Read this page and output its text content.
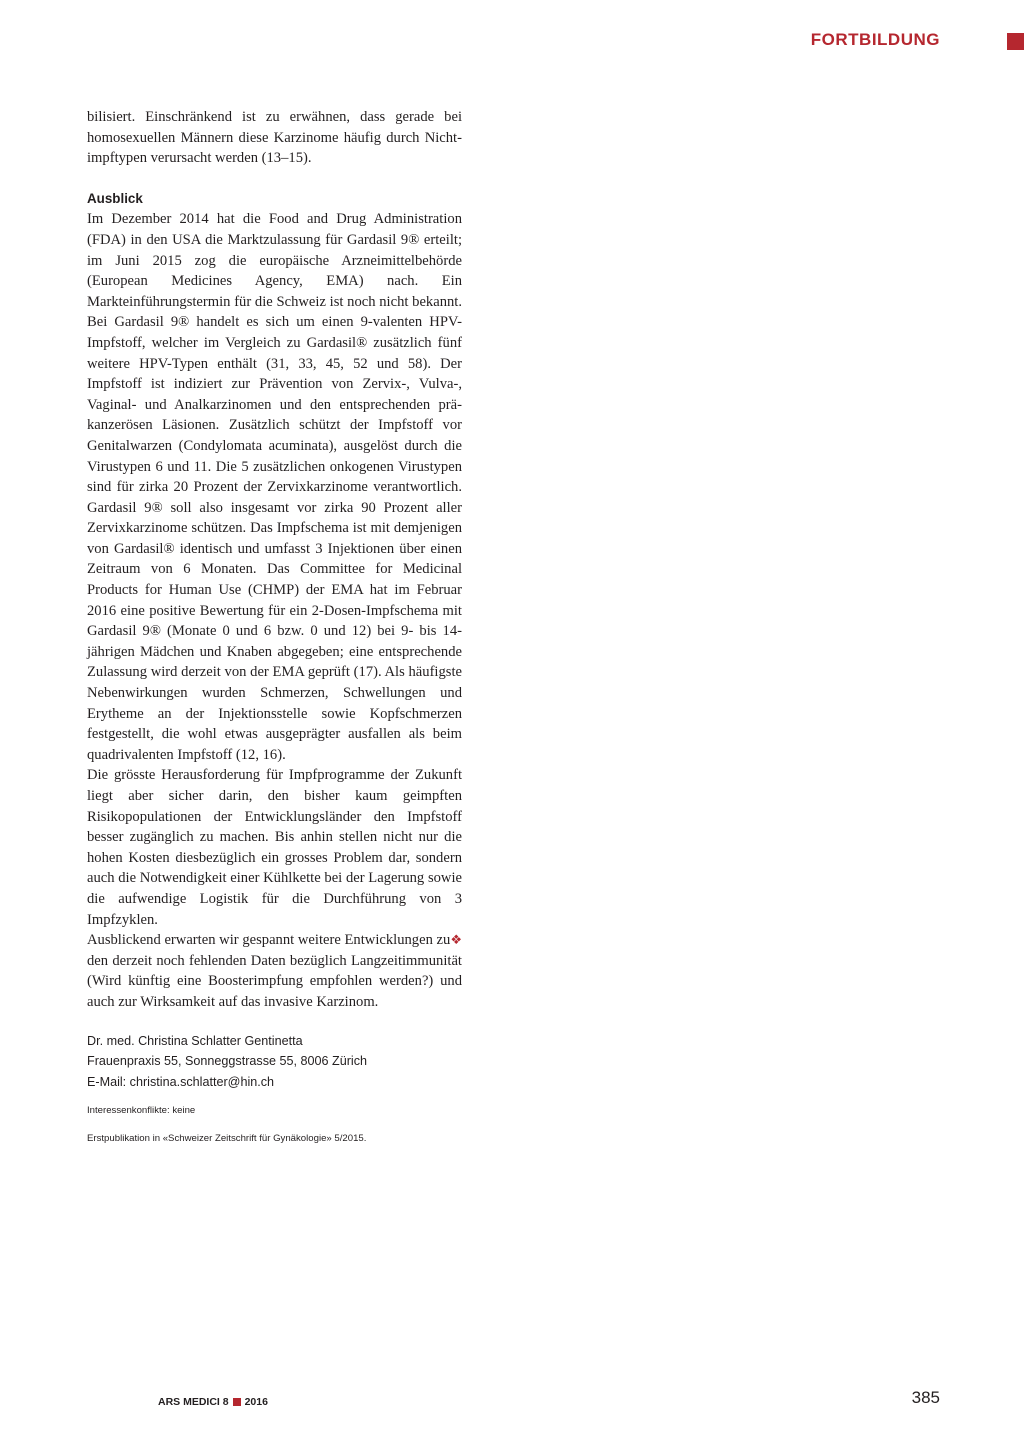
FORTBILDUNG

bilisiert. Einschränkend ist zu erwähnen, dass gerade bei homosexuellen Männern diese Karzinome häufig durch Nichtimpftypen verursacht werden (13–15).

Ausblick

Im Dezember 2014 hat die Food and Drug Administration (FDA) in den USA die Marktzulassung für Gardasil 9® erteilt; im Juni 2015 zog die europäische Arzneimittelbehörde (European Medicines Agency, EMA) nach. Ein Markteinführungstermin für die Schweiz ist noch nicht bekannt. Bei Gardasil 9® handelt es sich um einen 9-valenten HPV-Impfstoff, welcher im Vergleich zu Gardasil® zusätzlich fünf weitere HPV-Typen enthält (31, 33, 45, 52 und 58). Der Impfstoff ist indiziert zur Prävention von Zervix-, Vulva-, Vaginal- und Analkarzinomen und den entsprechenden präkanzerösen Läsionen. Zusätzlich schützt der Impfstoff vor Genitalwarzen (Condylomata acuminata), ausgelöst durch die Virustypen 6 und 11. Die 5 zusätzlichen onkogenen Virustypen sind für zirka 20 Prozent der Zervixkarzinome verantwortlich. Gardasil 9® soll also insgesamt vor zirka 90 Prozent aller Zervixkarzinome schützen. Das Impfschema ist mit demjenigen von Gardasil® identisch und umfasst 3 Injektionen über einen Zeitraum von 6 Monaten. Das Committee for Medicinal Products for Human Use (CHMP) der EMA hat im Februar 2016 eine positive Bewertung für ein 2-Dosen-Impfschema mit Gardasil 9® (Monate 0 und 6 bzw. 0 und 12) bei 9- bis 14-jährigen Mädchen und Knaben abgegeben; eine entsprechende Zulassung wird derzeit von der EMA geprüft (17). Als häufigste Nebenwirkungen wurden Schmerzen, Schwellungen und Erytheme an der Injektionsstelle sowie Kopfschmerzen festgestellt, die wohl etwas ausgeprägter ausfallen als beim quadrivalenten Impfstoff (12, 16).

Die grösste Herausforderung für Impfprogramme der Zukunft liegt aber sicher darin, den bisher kaum geimpften Risikopopulationen der Entwicklungsländer den Impfstoff besser zugänglich zu machen. Bis anhin stellen nicht nur die hohen Kosten diesbezüglich ein grosses Problem dar, sondern auch die Notwendigkeit einer Kühlkette bei der Lagerung sowie die aufwendige Logistik für die Durchführung von 3 Impfzyklen.

❖
Ausblickend erwarten wir gespannt weitere Entwicklungen zu den derzeit noch fehlenden Daten bezüglich Langzeitimmunität (Wird künftig eine Boosterimpfung empfohlen werden?) und auch zur Wirksamkeit auf das invasive Karzinom.

Dr. med. Christina Schlatter Gentinetta
Frauenpraxis 55, Sonneggstrasse 55, 8006 Zürich
E-Mail: christina.schlatter@hin.ch
Interessenkonflikte: keine
Erstpublikation in «Schweizer Zeitschrift für Gynäkologie» 5/2015.
ARS MEDICI 8 2016	385
